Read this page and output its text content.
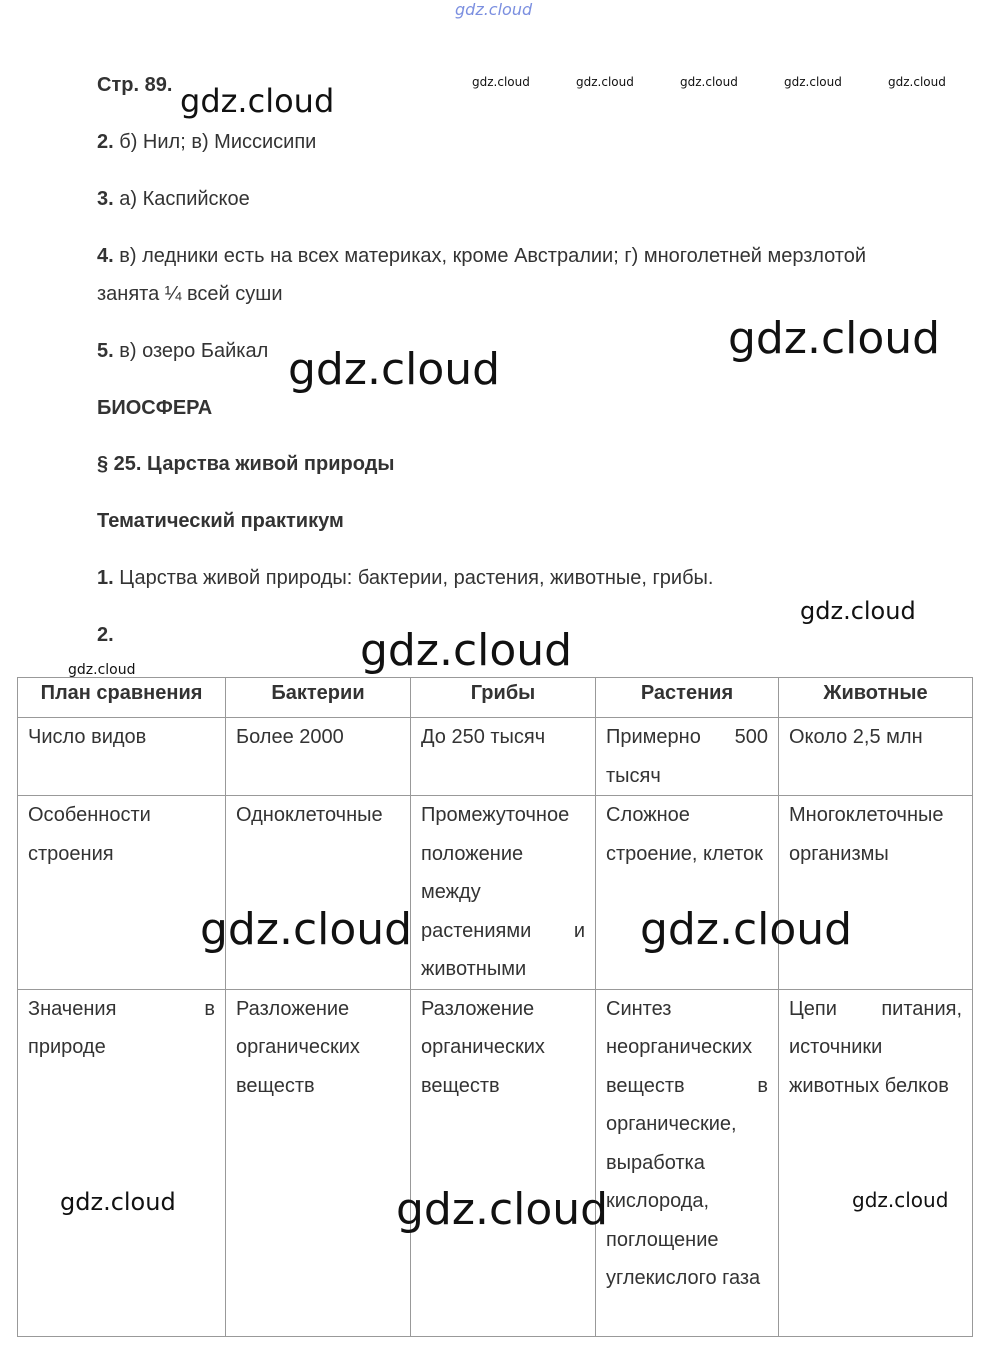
gdz.cloud
gdz.cloud	gdz.cloud	gdz.cloud	gdz.cloud	gdz.cloud
Стр. 89.
2. б) Нил; в) Миссисипи
3. а) Каспийское
4. в) ледники есть на всех материках, кроме Австралии; г) многолетней мерзлотой
занята ¼ всей суши
5. в) озеро Байкал
БИОСФЕРА
§ 25. Царства живой природы
Тематический практикум
1. Царства живой природы: бактерии, растения, животные, грибы.
2.
План сравнения	Бактерии	Грибы	Растения	Животные
Число видов	Более 2000	До 250 тысяч	Примерно 500 тысяч	Около 2,5 млн
Особенности строения	Одноклеточные	Промежуточное положение между растениями и животными	Сложное строение, клеток	Многоклеточные организмы
Значения в природе	Разложение органических веществ	Разложение органических веществ	Синтез неорганических веществ в органические, выработка кислорода, поглощение углекислого газа	Цепи питания, источники животных белков
gdz.cloud
gdz.cloud
gdz.cloud
gdz.cloud
gdz.cloud
gdz.cloud
gdz.cloud	gdz.cloud
gdz.cloud	gdz.cloud	gdz.cloud
